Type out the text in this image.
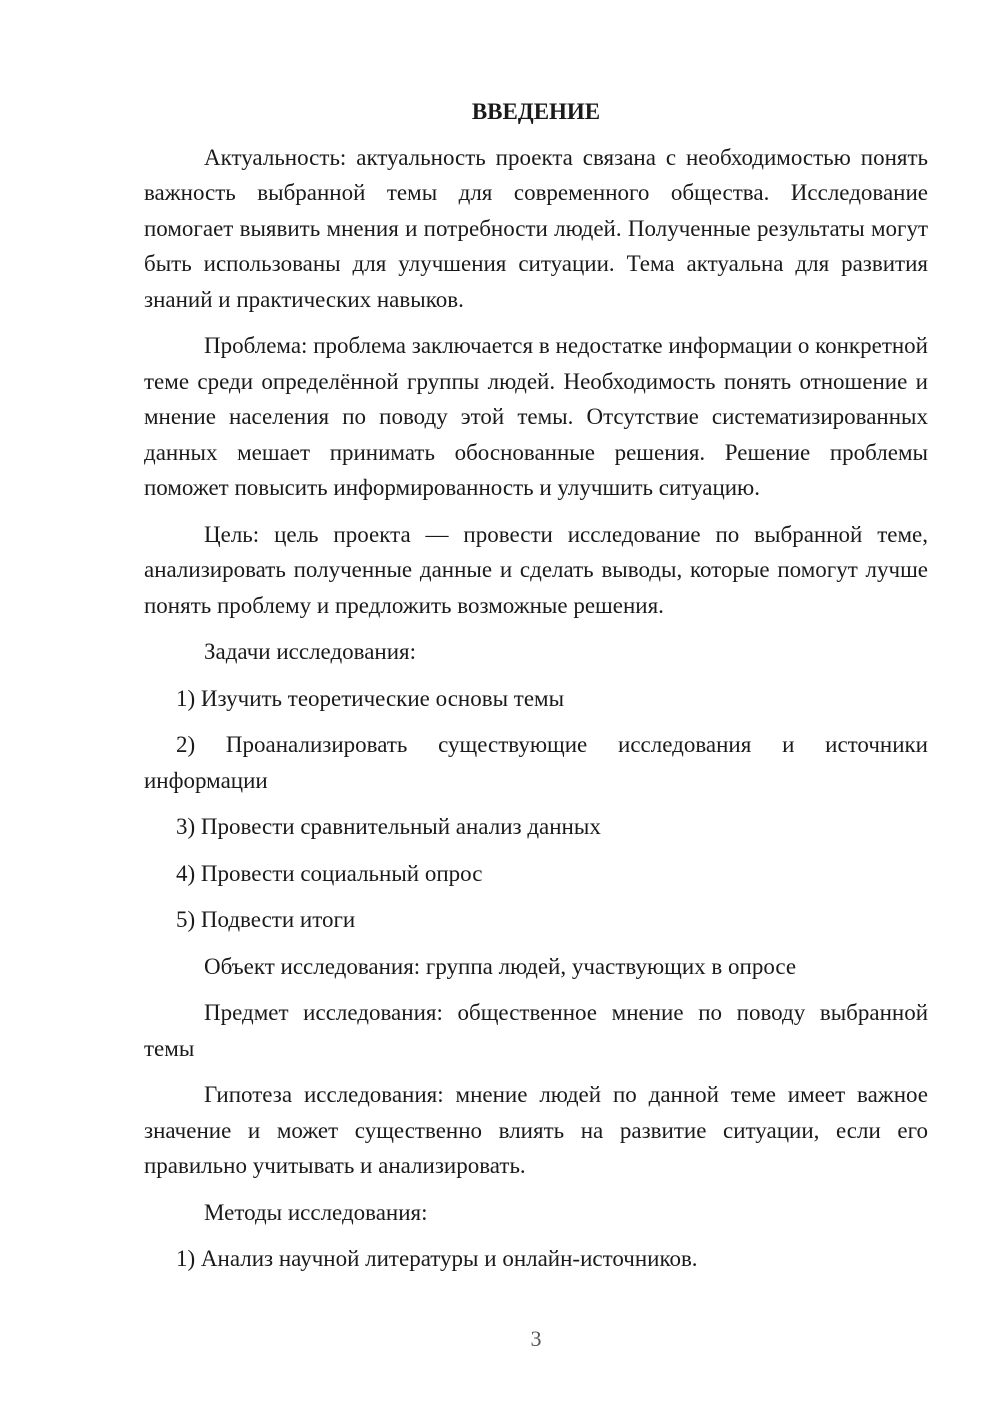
ВВЕДЕНИЕ

Актуальность: актуальность проекта связана с необходимостью понять важность выбранной темы для современного общества. Исследование помогает выявить мнения и потребности людей. Полученные результаты могут быть использованы для улучшения ситуации. Тема актуальна для развития знаний и практических навыков.

Проблема: проблема заключается в недостатке информации о конкретной теме среди определённой группы людей. Необходимость понять отношение и мнение населения по поводу этой темы. Отсутствие систематизированных данных мешает принимать обоснованные решения. Решение проблемы поможет повысить информированность и улучшить ситуацию.

Цель: цель проекта — провести исследование по выбранной теме, анализировать полученные данные и сделать выводы, которые помогут лучше понять проблему и предложить возможные решения.

Задачи исследования:

1) Изучить теоретические основы темы

2) Проанализировать существующие исследования и источники информации

3) Провести сравнительный анализ данных

4) Провести социальный опрос

5) Подвести итоги

Объект исследования: группа людей, участвующих в опросе

Предмет исследования: общественное мнение по поводу выбранной темы

Гипотеза исследования: мнение людей по данной теме имеет важное значение и может существенно влиять на развитие ситуации, если его правильно учитывать и анализировать.

Методы исследования:

1) Анализ научной литературы и онлайн-источников.

3
